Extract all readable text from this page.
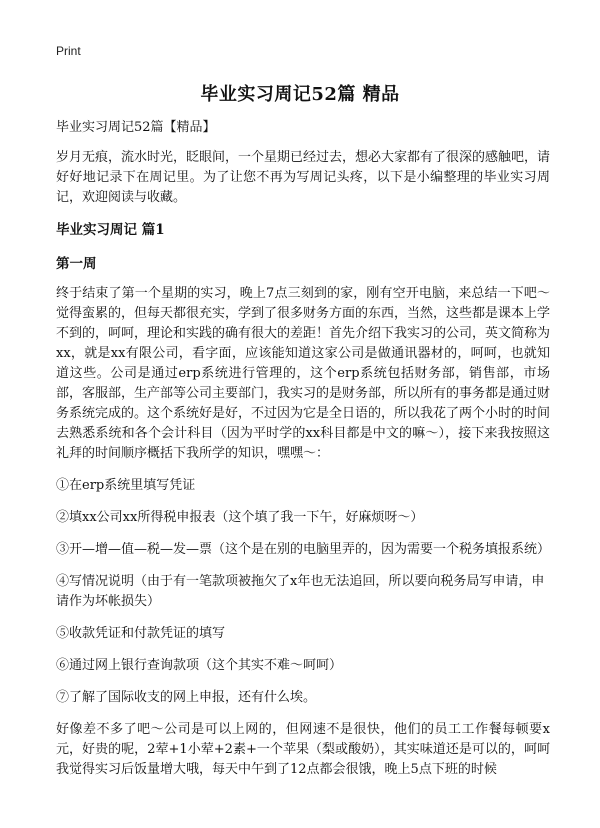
Print
毕业实习周记52篇 精品

毕业实习周记52篇【精品】

岁月无痕，流水时光，眨眼间，一个星期已经过去，想必大家都有了很深的感触吧，请好好地记录下在周记里。为了让您不再为写周记头疼，以下是小编整理的毕业实习周记，欢迎阅读与收藏。

毕业实习周记 篇1

第一周

终于结束了第一个星期的实习，晚上7点三刻到的家，刚有空开电脑，来总结一下吧～觉得蛮累的，但每天都很充实，学到了很多财务方面的东西，当然，这些都是课本上学不到的，呵呵，理论和实践的确有很大的差距！首先介绍下我实习的公司，英文简称为xx，就是xx有限公司，看字面，应该能知道这家公司是做通讯器材的，呵呵，也就知道这些。公司是通过erp系统进行管理的，这个erp系统包括财务部，销售部，市场部，客服部，生产部等公司主要部门，我实习的是财务部，所以所有的事务都是通过财务系统完成的。这个系统好是好，不过因为它是全日语的，所以我花了两个小时的时间去熟悉系统和各个会计科目（因为平时学的xx科目都是中文的嘛～），接下来我按照这礼拜的时间顺序概括下我所学的知识，嘿嘿～：

①在erp系统里填写凭证

②填xx公司xx所得税申报表（这个填了我一下午，好麻烦呀～）

③开—增—值—税—发—票（这个是在别的电脑里弄的，因为需要一个税务填报系统）

④写情况说明（由于有一笔款项被拖欠了x年也无法追回，所以要向税务局写申请，申请作为坏帐损失）

⑤收款凭证和付款凭证的填写

⑥通过网上银行查询款项（这个其实不难～呵呵）

⑦了解了国际收支的网上申报，还有什么埃。

好像差不多了吧～公司是可以上网的，但网速不是很快，他们的员工工作餐每顿要x元，好贵的呢，2荤+1小荤+2素+一个苹果（梨或酸奶），其实味道还是可以的，呵呵我觉得实习后饭量增大哦，每天中午到了12点都会很饿，晚上5点下班的时候
